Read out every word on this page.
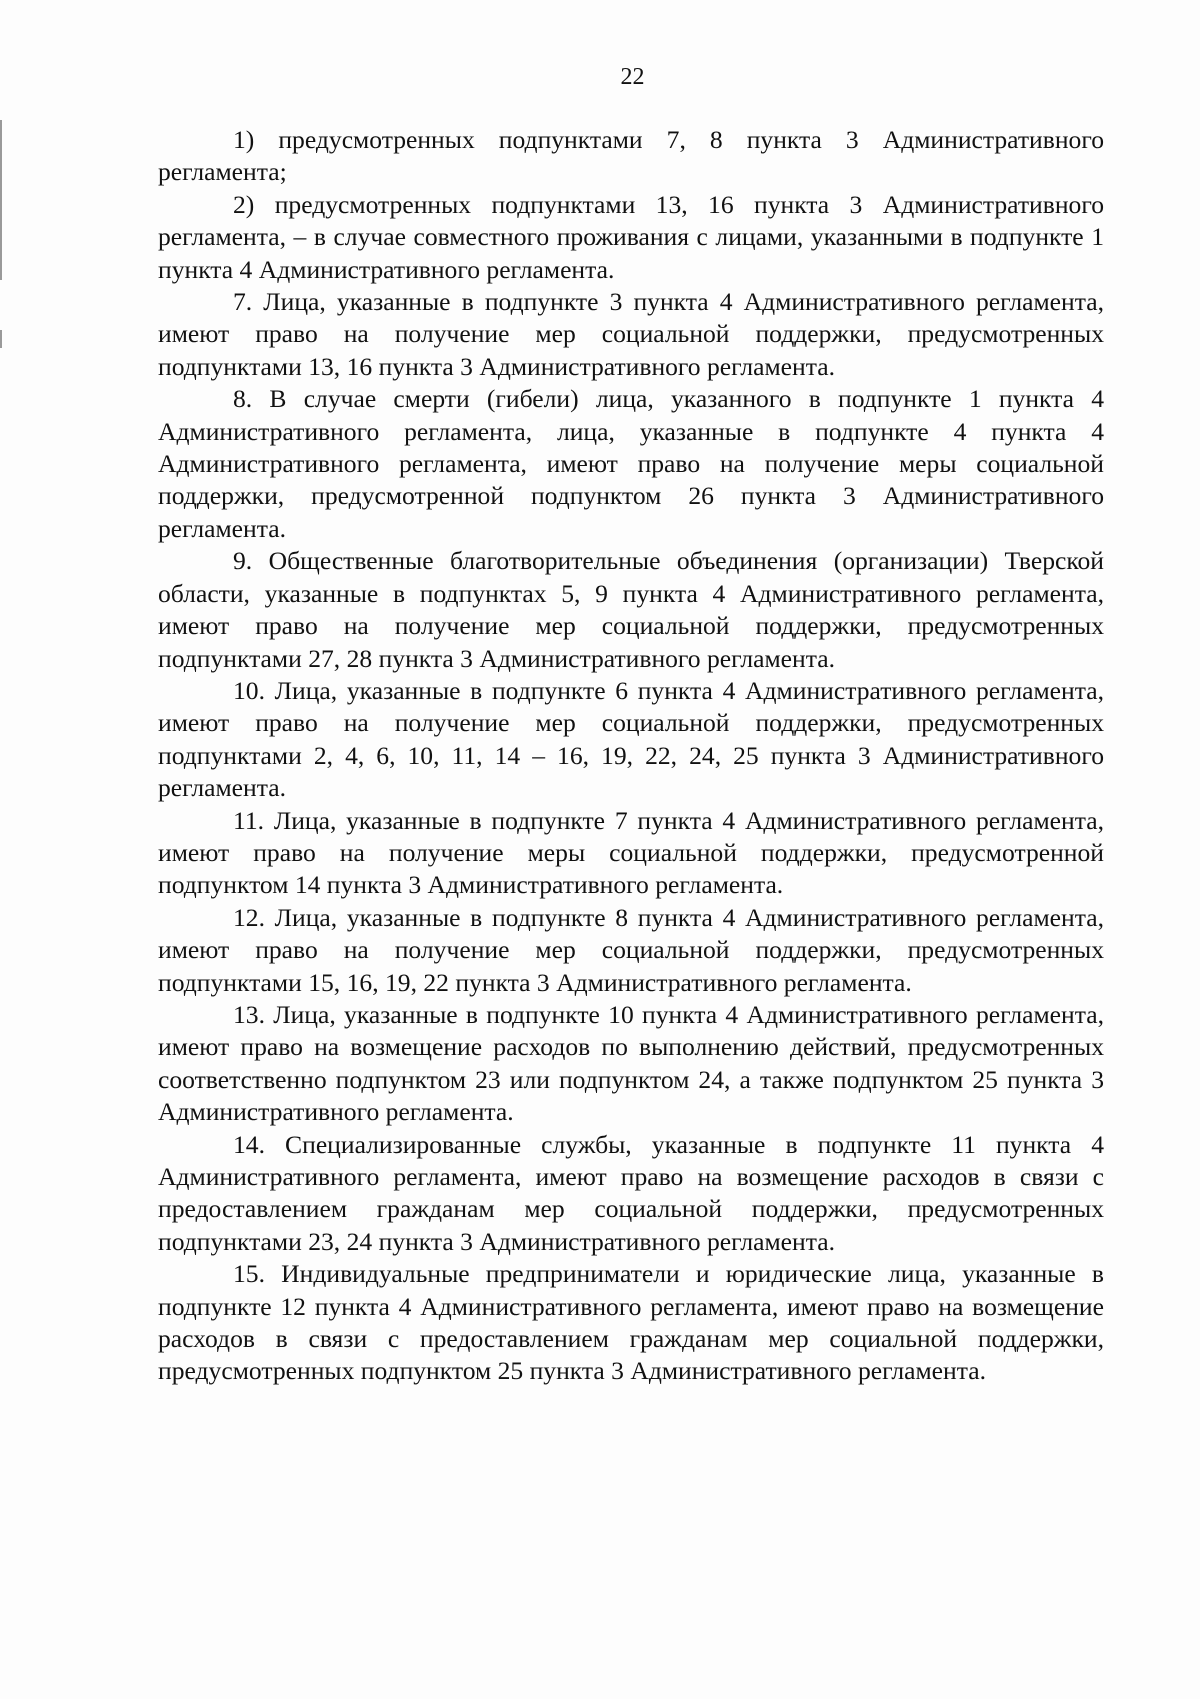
22

1) предусмотренных подпунктами 7, 8 пункта 3 Административного регламента;

2) предусмотренных подпунктами 13, 16 пункта 3 Административного регламента, – в случае совместного проживания с лицами, указанными в подпункте 1 пункта 4 Административного регламента.

7. Лица, указанные в подпункте 3 пункта 4 Административного регламента, имеют право на получение мер социальной поддержки, предусмотренных подпунктами 13, 16 пункта 3 Административного регламента.

8. В случае смерти (гибели) лица, указанного в подпункте 1 пункта 4 Административного регламента, лица, указанные в подпункте 4 пункта 4 Административного регламента, имеют право на получение меры социальной поддержки, предусмотренной подпунктом 26 пункта 3 Административного регламента.

9. Общественные благотворительные объединения (организации) Тверской области, указанные в подпунктах 5, 9 пункта 4 Административного регламента, имеют право на получение мер социальной поддержки, предусмотренных подпунктами 27, 28 пункта 3 Административного регламента.

10. Лица, указанные в подпункте 6 пункта 4 Административного регламента, имеют право на получение мер социальной поддержки, предусмотренных подпунктами 2, 4, 6, 10, 11, 14 – 16, 19, 22, 24, 25 пункта 3 Административного регламента.

11. Лица, указанные в подпункте 7 пункта 4 Административного регламента, имеют право на получение меры социальной поддержки, предусмотренной подпунктом 14 пункта 3 Административного регламента.

12. Лица, указанные в подпункте 8 пункта 4 Административного регламента, имеют право на получение мер социальной поддержки, предусмотренных подпунктами 15, 16, 19, 22 пункта 3 Административного регламента.

13. Лица, указанные в подпункте 10 пункта 4 Административного регламента, имеют право на возмещение расходов по выполнению действий, предусмотренных соответственно подпунктом 23 или подпунктом 24, а также подпунктом 25 пункта 3 Административного регламента.

14. Специализированные службы, указанные в подпункте 11 пункта 4 Административного регламента, имеют право на возмещение расходов в связи с предоставлением гражданам мер социальной поддержки, предусмотренных подпунктами 23, 24 пункта 3 Административного регламента.

15. Индивидуальные предприниматели и юридические лица, указанные в подпункте 12 пункта 4 Административного регламента, имеют право на возмещение расходов в связи с предоставлением гражданам мер социальной поддержки, предусмотренных подпунктом 25 пункта 3 Административного регламента.
